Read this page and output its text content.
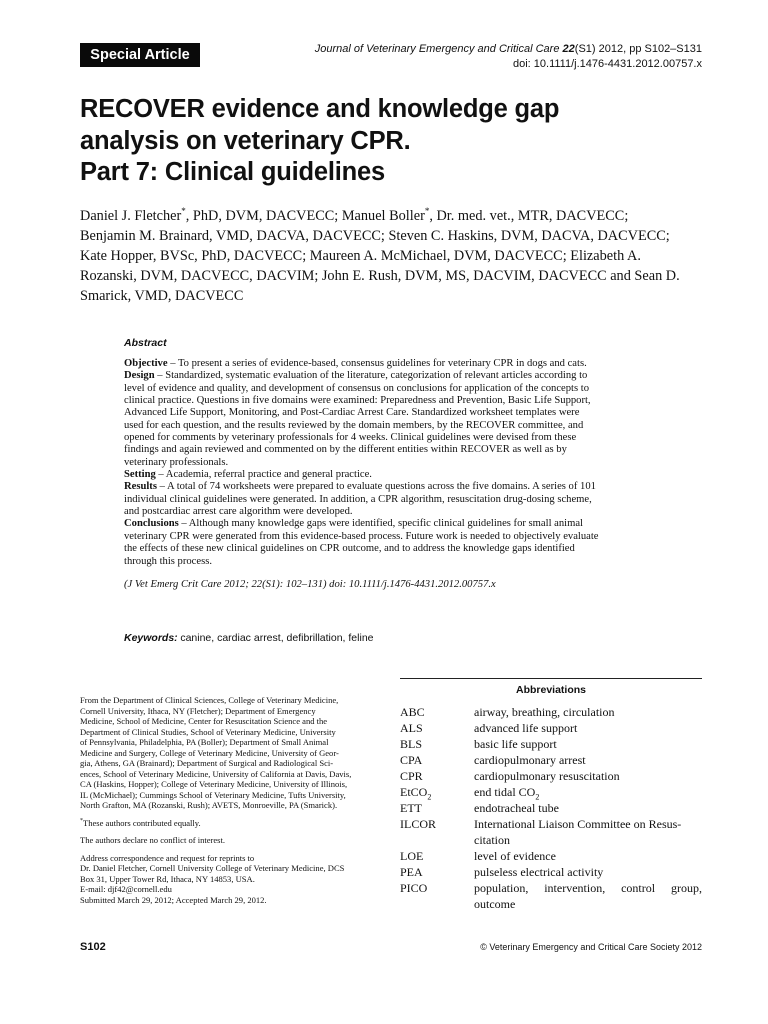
Special Article	Journal of Veterinary Emergency and Critical Care 22(S1) 2012, pp S102–S131
doi: 10.1111/j.1476-4431.2012.00757.x
RECOVER evidence and knowledge gap
analysis on veterinary CPR.
Part 7: Clinical guidelines
Daniel J. Fletcher*, PhD, DVM, DACVECC; Manuel Boller*, Dr. med. vet., MTR, DACVECC;
Benjamin M. Brainard, VMD, DACVA, DACVECC; Steven C. Haskins, DVM, DACVA, DACVECC;
Kate Hopper, BVSc, PhD, DACVECC; Maureen A. McMichael, DVM, DACVECC; Elizabeth A.
Rozanski, DVM, DACVECC, DACVIM; John E. Rush, DVM, MS, DACVIM, DACVECC and Sean D.
Smarick, VMD, DACVECC
Abstract
Objective – To present a series of evidence-based, consensus guidelines for veterinary CPR in dogs and cats.
Design – Standardized, systematic evaluation of the literature, categorization of relevant articles according to
level of evidence and quality, and development of consensus on conclusions for application of the concepts to
clinical practice. Questions in five domains were examined: Preparedness and Prevention, Basic Life Support,
Advanced Life Support, Monitoring, and Post-Cardiac Arrest Care. Standardized worksheet templates were
used for each question, and the results reviewed by the domain members, by the RECOVER committee, and
opened for comments by veterinary professionals for 4 weeks. Clinical guidelines were devised from these
findings and again reviewed and commented on by the different entities within RECOVER as well as by
veterinary professionals.
Setting – Academia, referral practice and general practice.
Results – A total of 74 worksheets were prepared to evaluate questions across the five domains. A series of 101
individual clinical guidelines were generated. In addition, a CPR algorithm, resuscitation drug-dosing scheme,
and postcardiac arrest care algorithm were developed.
Conclusions – Although many knowledge gaps were identified, specific clinical guidelines for small animal
veterinary CPR were generated from this evidence-based process. Future work is needed to objectively evaluate
the effects of these new clinical guidelines on CPR outcome, and to address the knowledge gaps identified
through this process.
(J Vet Emerg Crit Care 2012; 22(S1): 102–131) doi: 10.1111/j.1476-4431.2012.00757.x
Keywords: canine, cardiac arrest, defibrillation, feline
From the Department of Clinical Sciences, College of Veterinary Medicine,
Cornell University, Ithaca, NY (Fletcher); Department of Emergency
Medicine, School of Medicine, Center for Resuscitation Science and the
Department of Clinical Studies, School of Veterinary Medicine, University
of Pennsylvania, Philadelphia, PA (Boller); Department of Small Animal
Medicine and Surgery, College of Veterinary Medicine, University of Geor-
gia, Athens, GA (Brainard); Department of Surgical and Radiological Sci-
ences, School of Veterinary Medicine, University of California at Davis, Davis,
CA (Haskins, Hopper); College of Veterinary Medicine, University of Illinois,
IL (McMichael); Cummings School of Veterinary Medicine, Tufts University,
North Grafton, MA (Rozanski, Rush); AVETS, Monroeville, PA (Smarick).
*These authors contributed equally.
The authors declare no conflict of interest.
Address correspondence and request for reprints to
Dr. Daniel Fletcher, Cornell University College of Veterinary Medicine, DCS
Box 31, Upper Tower Rd, Ithaca, NY 14853, USA.
E-mail: djf42@cornell.edu
Submitted March 29, 2012; Accepted March 29, 2012.
Abbreviations
ABC	airway, breathing, circulation
ALS	advanced life support
BLS	basic life support
CPA	cardiopulmonary arrest
CPR	cardiopulmonary resuscitation
EtCO$_2$	end tidal $CO_2$
ETT	endotracheal tube
ILCOR	International Liaison Committee on Resus-
citation
LOE	level of evidence
PEA	pulseless electrical activity
PICO	population, intervention, control group,
outcome
S102	© Veterinary Emergency and Critical Care Society 2012
